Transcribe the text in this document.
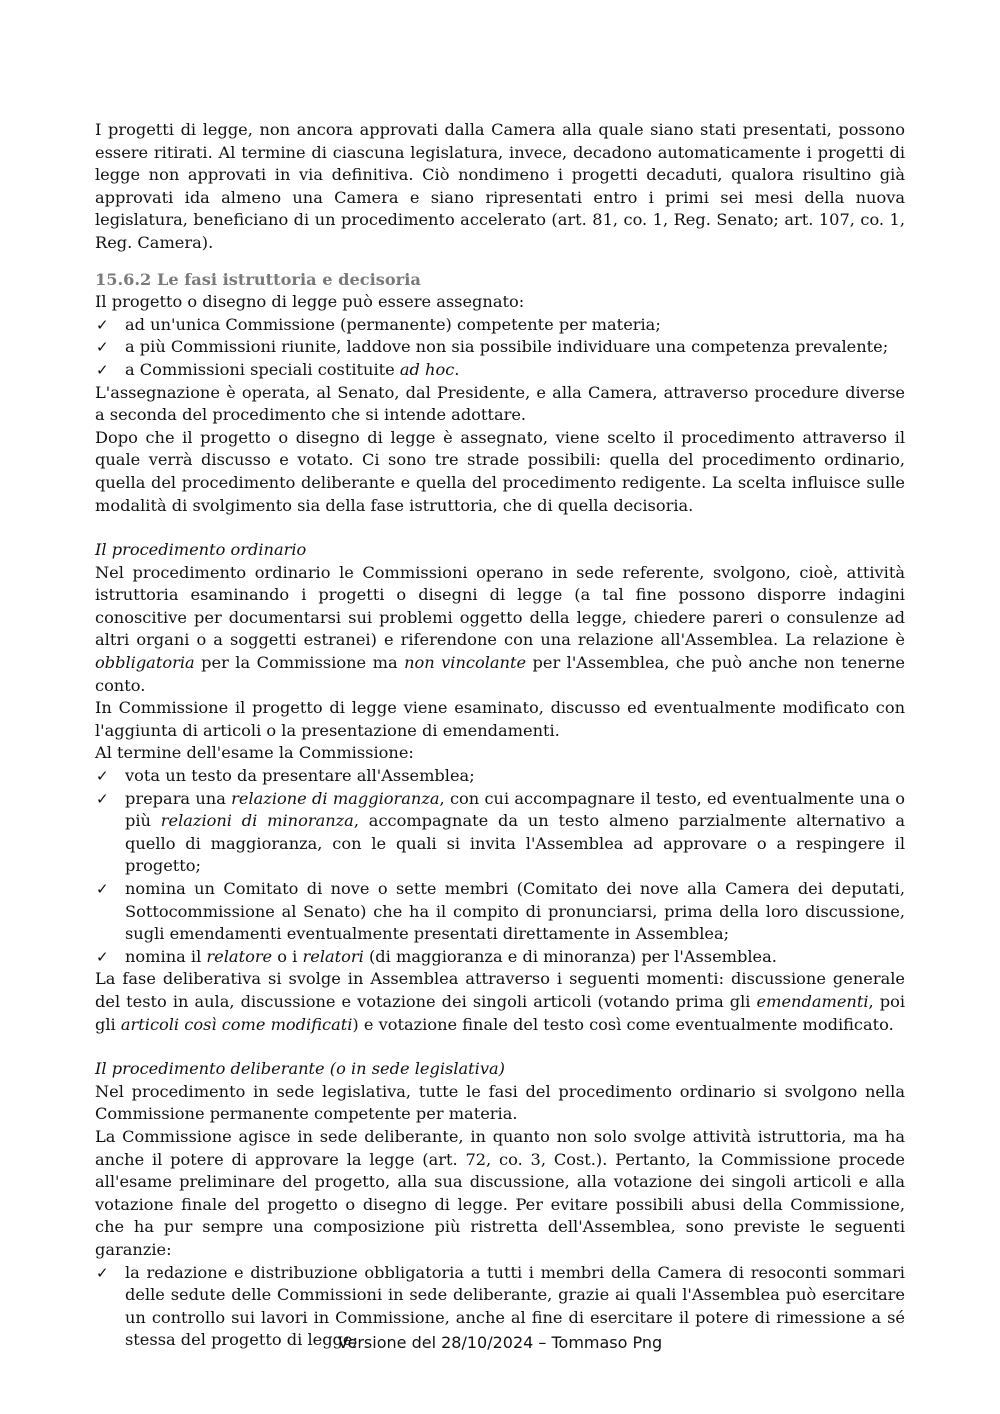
I progetti di legge, non ancora approvati dalla Camera alla quale siano stati presentati, possono essere ritirati. Al termine di ciascuna legislatura, invece, decadono automaticamente i progetti di legge non approvati in via definitiva. Ciò nondimeno i progetti decaduti, qualora risultino già approvati ida almeno una Camera e siano ripresentati entro i primi sei mesi della nuova legislatura, beneficiano di un procedimento accelerato (art. 81, co. 1, Reg. Senato; art. 107, co. 1, Reg. Camera).

15.6.2 Le fasi istruttoria e decisoria

Il progetto o disegno di legge può essere assegnato:

✓ ad un'unica Commissione (permanente) competente per materia;
✓ a più Commissioni riunite, laddove non sia possibile individuare una competenza prevalente;
✓ a Commissioni speciali costituite ad hoc.

L'assegnazione è operata, al Senato, dal Presidente, e alla Camera, attraverso procedure diverse a seconda del procedimento che si intende adottare.

Dopo che il progetto o disegno di legge è assegnato, viene scelto il procedimento attraverso il quale verrà discusso e votato. Ci sono tre strade possibili: quella del procedimento ordinario, quella del procedimento deliberante e quella del procedimento redigente. La scelta influisce sulle modalità di svolgimento sia della fase istruttoria, che di quella decisoria.

Il procedimento ordinario

Nel procedimento ordinario le Commissioni operano in sede referente, svolgono, cioè, attività istruttoria esaminando i progetti o disegni di legge (a tal fine possono disporre indagini conoscitive per documentarsi sui problemi oggetto della legge, chiedere pareri o consulenze ad altri organi o a soggetti estranei) e riferendone con una relazione all'Assemblea. La relazione è obbligatoria per la Commissione ma non vincolante per l'Assemblea, che può anche non tenerne conto.

In Commissione il progetto di legge viene esaminato, discusso ed eventualmente modificato con l'aggiunta di articoli o la presentazione di emendamenti.

Al termine dell'esame la Commissione:

✓ vota un testo da presentare all'Assemblea;
✓ prepara una relazione di maggioranza, con cui accompagnare il testo, ed eventualmente una o più relazioni di minoranza, accompagnate da un testo almeno parzialmente alternativo a quello di maggioranza, con le quali si invita l'Assemblea ad approvare o a respingere il progetto;
✓ nomina un Comitato di nove o sette membri (Comitato dei nove alla Camera dei deputati, Sottocommissione al Senato) che ha il compito di pronunciarsi, prima della loro discussione, sugli emendamenti eventualmente presentati direttamente in Assemblea;
✓ nomina il relatore o i relatori (di maggioranza e di minoranza) per l'Assemblea.

La fase deliberativa si svolge in Assemblea attraverso i seguenti momenti: discussione generale del testo in aula, discussione e votazione dei singoli articoli (votando prima gli emendamenti, poi gli articoli così come modificati) e votazione finale del testo così come eventualmente modificato.

Il procedimento deliberante (o in sede legislativa)

Nel procedimento in sede legislativa, tutte le fasi del procedimento ordinario si svolgono nella Commissione permanente competente per materia.

La Commissione agisce in sede deliberante, in quanto non solo svolge attività istruttoria, ma ha anche il potere di approvare la legge (art. 72, co. 3, Cost.). Pertanto, la Commissione procede all'esame preliminare del progetto, alla sua discussione, alla votazione dei singoli articoli e alla votazione finale del progetto o disegno di legge. Per evitare possibili abusi della Commissione, che ha pur sempre una composizione più ristretta dell'Assemblea, sono previste le seguenti garanzie:

✓ la redazione e distribuzione obbligatoria a tutti i membri della Camera di resoconti sommari delle sedute delle Commissioni in sede deliberante, grazie ai quali l'Assemblea può esercitare un controllo sui lavori in Commissione, anche al fine di esercitare il potere di rimessione a sé stessa del progetto di legge;
Versione del 28/10/2024 – Tommaso Png
